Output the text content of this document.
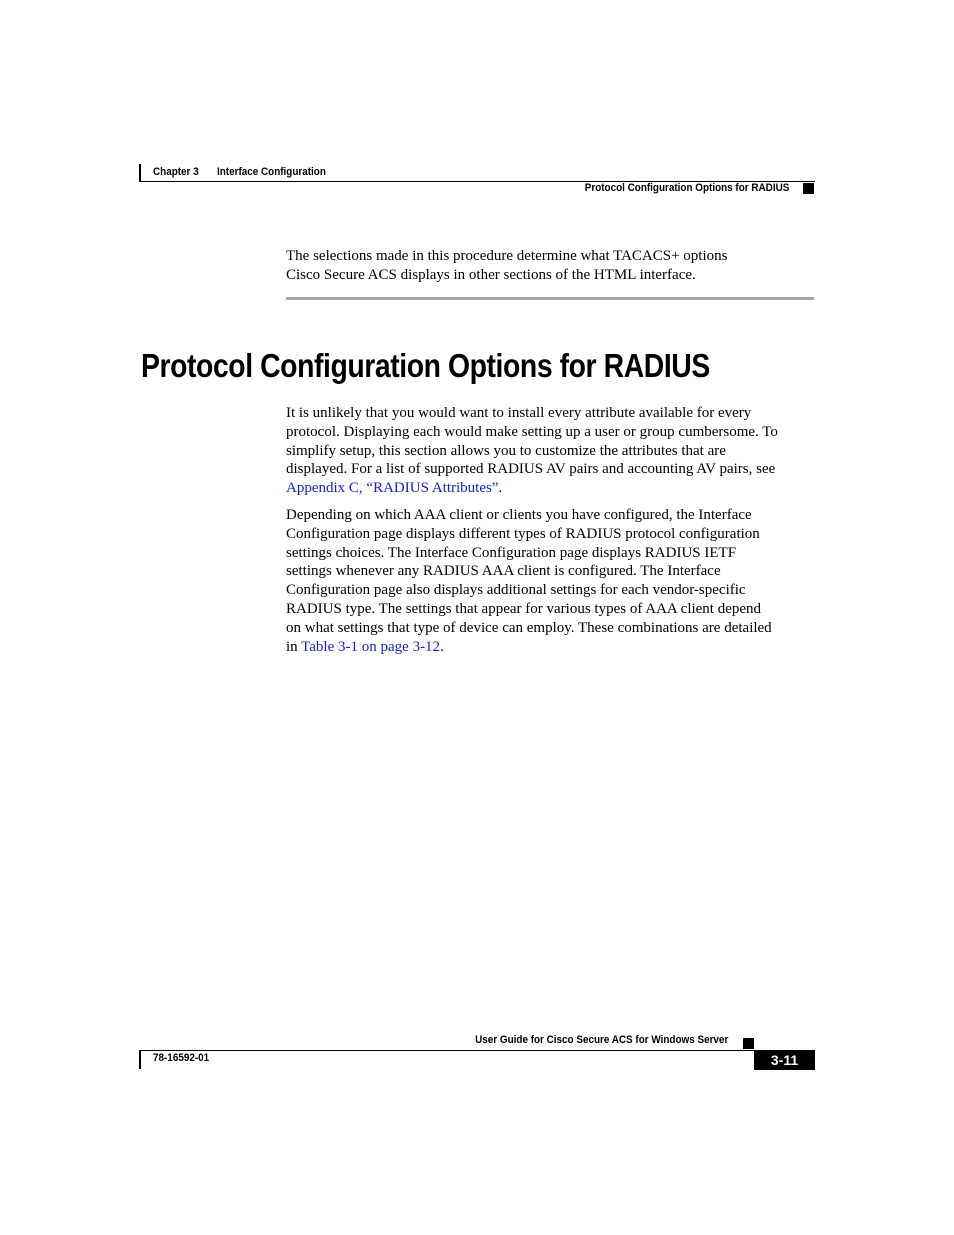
Chapter 3 Interface Configuration
Protocol Configuration Options for RADIUS

The selections made in this procedure determine what TACACS+ options
Cisco Secure ACS displays in other sections of the HTML interface.

Protocol Configuration Options for RADIUS

It is unlikely that you would want to install every attribute available for every
protocol. Displaying each would make setting up a user or group cumbersome. To
simplify setup, this section allows you to customize the attributes that are
displayed. For a list of supported RADIUS AV pairs and accounting AV pairs, see
Appendix C, “RADIUS Attributes”.

Depending on which AAA client or clients you have configured, the Interface
Configuration page displays different types of RADIUS protocol configuration
settings choices. The Interface Configuration page displays RADIUS IETF
settings whenever any RADIUS AAA client is configured. The Interface
Configuration page also displays additional settings for each vendor-specific
RADIUS type. The settings that appear for various types of AAA client depend
on what settings that type of device can employ. These combinations are detailed
in Table 3-1 on page 3-12.

User Guide for Cisco Secure ACS for Windows Server
78-16592-01	3-11
